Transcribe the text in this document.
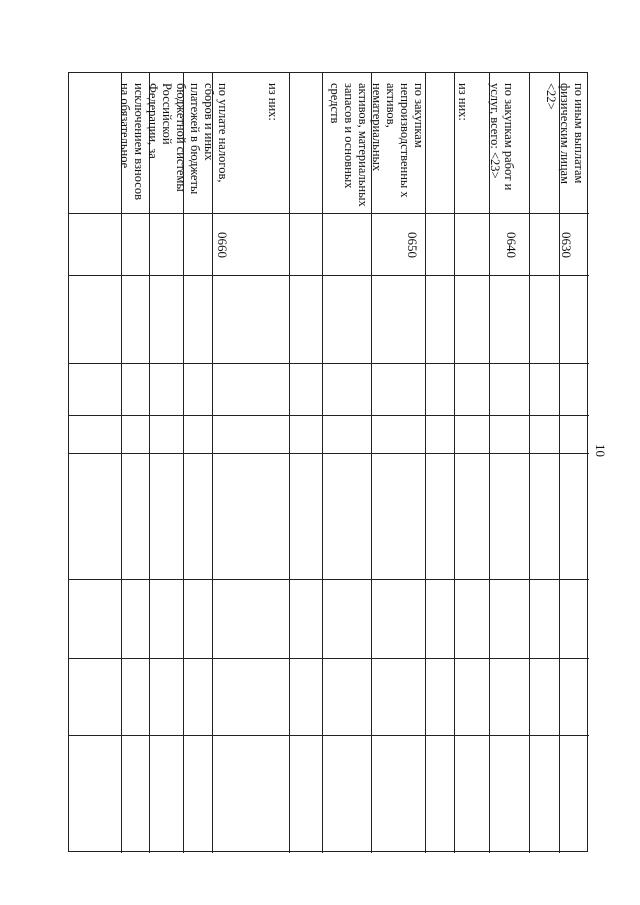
10
по иным выплатам физическим лицам <22>
0630
по закупкам работ и услуг, всего: <23>
0640
из них:
по закупкам непроизводственны х активов, нематериальных активов, материальных запасов и основных средств
0650
из них:
по уплате налогов, сборов и иных платежей в бюджеты бюджетной системы Российской Федерации, за исключением взносов на обязательное
0660
